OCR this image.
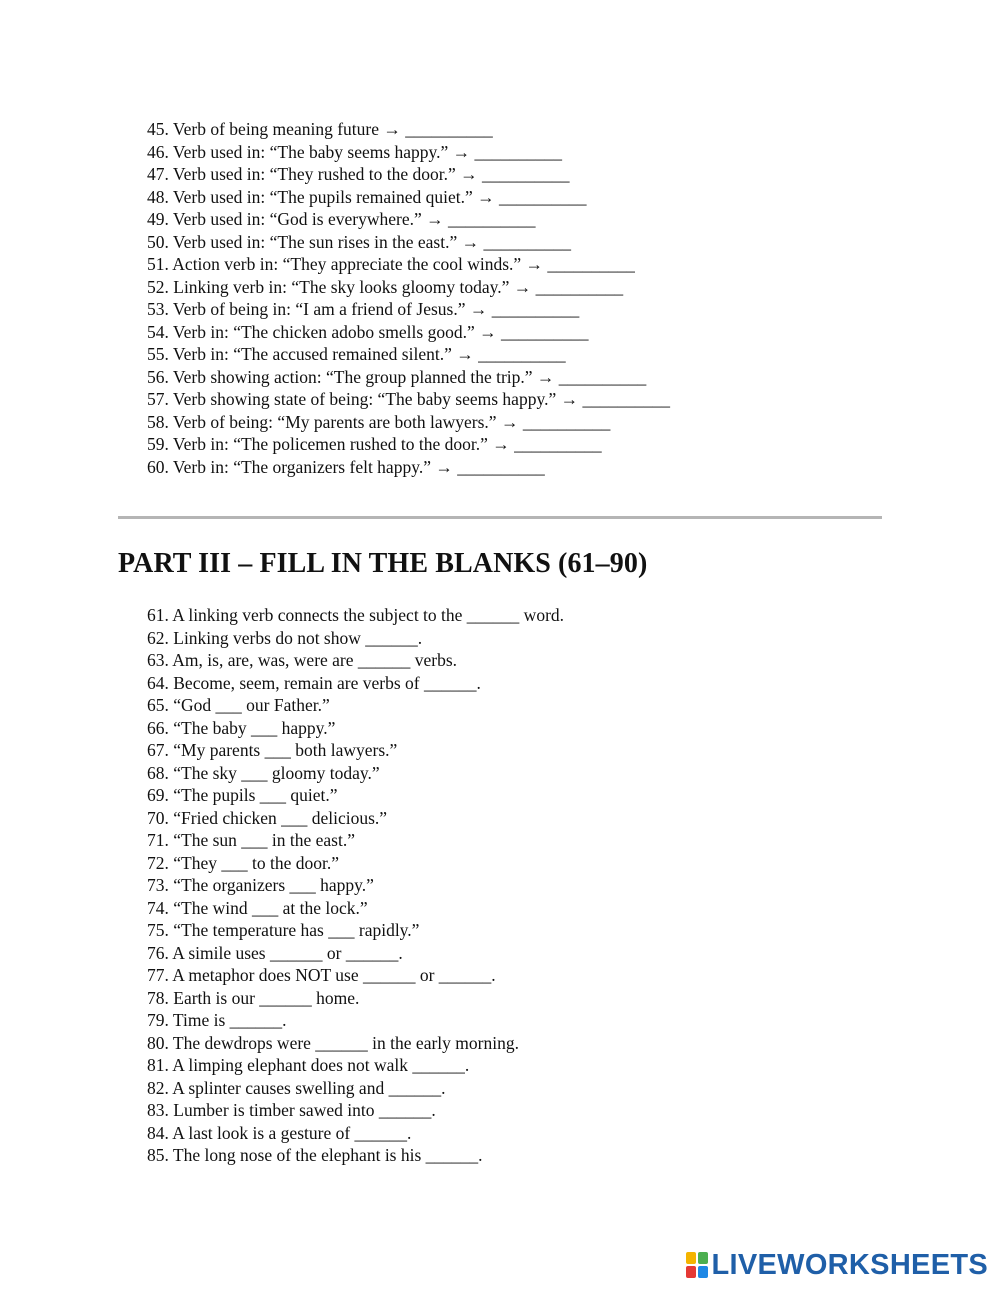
45. Verb of being meaning future → __________
46. Verb used in: “The baby seems happy.” → __________
47. Verb used in: “They rushed to the door.” → __________
48. Verb used in: “The pupils remained quiet.” → __________
49. Verb used in: “God is everywhere.” → __________
50. Verb used in: “The sun rises in the east.” → __________
51. Action verb in: “They appreciate the cool winds.” → __________
52. Linking verb in: “The sky looks gloomy today.” → __________
53. Verb of being in: “I am a friend of Jesus.” → __________
54. Verb in: “The chicken adobo smells good.” → __________
55. Verb in: “The accused remained silent.” → __________
56. Verb showing action: “The group planned the trip.” → __________
57. Verb showing state of being: “The baby seems happy.” → __________
58. Verb of being: “My parents are both lawyers.” → __________
59. Verb in: “The policemen rushed to the door.” → __________
60. Verb in: “The organizers felt happy.” → __________
PART III – FILL IN THE BLANKS (61–90)
61. A linking verb connects the subject to the ______ word.
62. Linking verbs do not show ______.
63. Am, is, are, was, were are ______ verbs.
64. Become, seem, remain are verbs of ______.
65. “God ___ our Father.”
66. “The baby ___ happy.”
67. “My parents ___ both lawyers.”
68. “The sky ___ gloomy today.”
69. “The pupils ___ quiet.”
70. “Fried chicken ___ delicious.”
71. “The sun ___ in the east.”
72. “They ___ to the door.”
73. “The organizers ___ happy.”
74. “The wind ___ at the lock.”
75. “The temperature has ___ rapidly.”
76. A simile uses ______ or ______.
77. A metaphor does NOT use ______ or ______.
78. Earth is our ______ home.
79. Time is ______.
80. The dewdrops were ______ in the early morning.
81. A limping elephant does not walk ______.
82. A splinter causes swelling and ______.
83. Lumber is timber sawed into ______.
84. A last look is a gesture of ______.
85. The long nose of the elephant is his ______.
LIVEWORKSHEETS
